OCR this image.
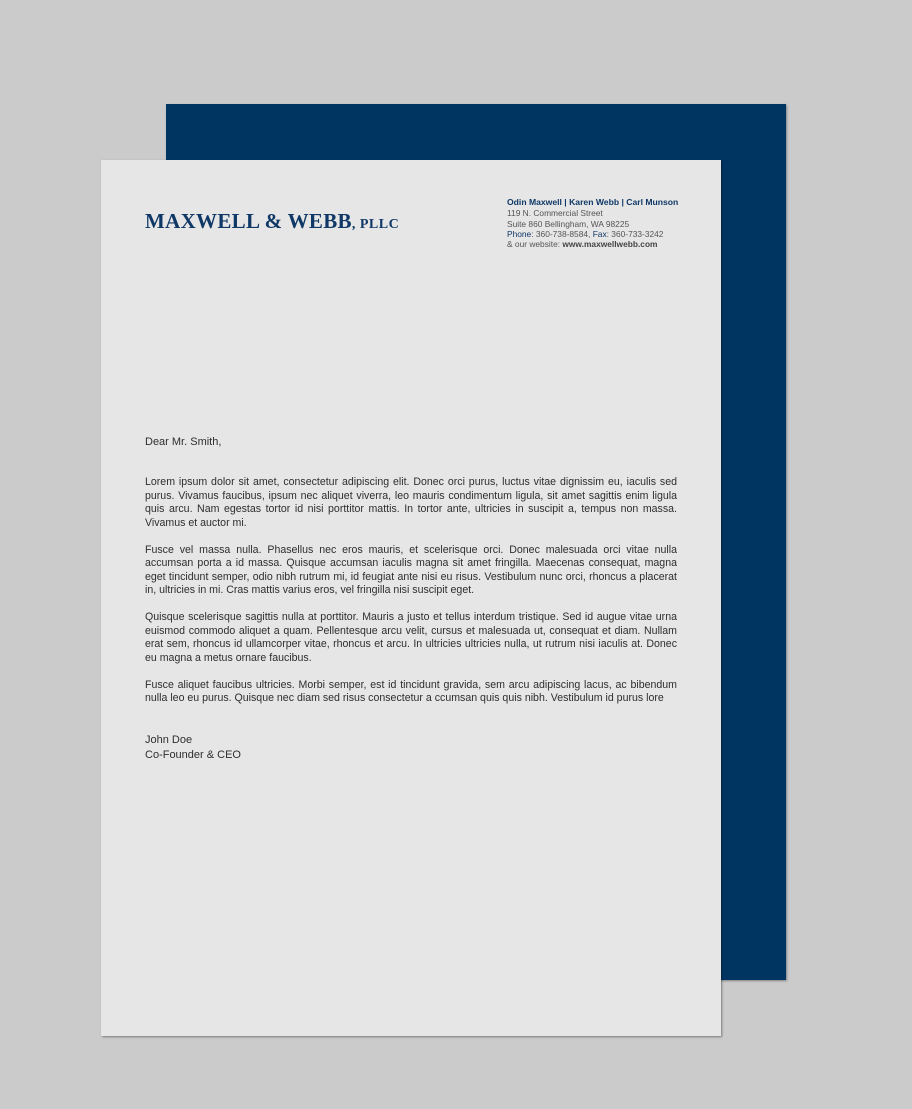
MAXWELL & WEBB, PLLC
Odin Maxwell | Karen Webb | Carl Munson
119 N. Commercial Street
Suite 860 Bellingham, WA 98225
Phone: 360-738-8584, Fax: 360-733-3242
& our website: www.maxwellwebb.com
Dear Mr. Smith,

Lorem ipsum dolor sit amet, consectetur adipiscing elit. Donec orci purus, luctus vitae dignissim eu, iaculis sed purus. Vivamus faucibus, ipsum nec aliquet viverra, leo mauris condimentum ligula, sit amet sagittis enim ligula quis arcu. Nam egestas tortor id nisi porttitor mattis. In tortor ante, ultricies in suscipit a, tempus non massa. Vivamus et auctor mi.

Fusce vel massa nulla. Phasellus nec eros mauris, et scelerisque orci. Donec malesuada orci vitae nulla accumsan porta a id massa. Quisque accumsan iaculis magna sit amet fringilla. Maecenas consequat, magna eget tincidunt semper, odio nibh rutrum mi, id feugiat ante nisi eu risus. Vestibulum nunc orci, rhoncus a placerat in, ultricies in mi. Cras mattis varius eros, vel fringilla nisi suscipit eget.

Quisque scelerisque sagittis nulla at porttitor. Mauris a justo et tellus interdum tristique. Sed id augue vitae urna euismod commodo aliquet a quam. Pellentesque arcu velit, cursus et malesuada ut, consequat et diam. Nullam erat sem, rhoncus id ullamcorper vitae, rhoncus et arcu. In ultricies ultricies nulla, ut rutrum nisi iaculis at. Donec eu magna a metus ornare faucibus.

Fusce aliquet faucibus ultricies. Morbi semper, est id tincidunt gravida, sem arcu adipiscing lacus, ac bibendum nulla leo eu purus. Quisque nec diam sed risus consectetur a ccumsan quis quis nibh. Vestibulum id purus lore

John Doe
Co-Founder & CEO
